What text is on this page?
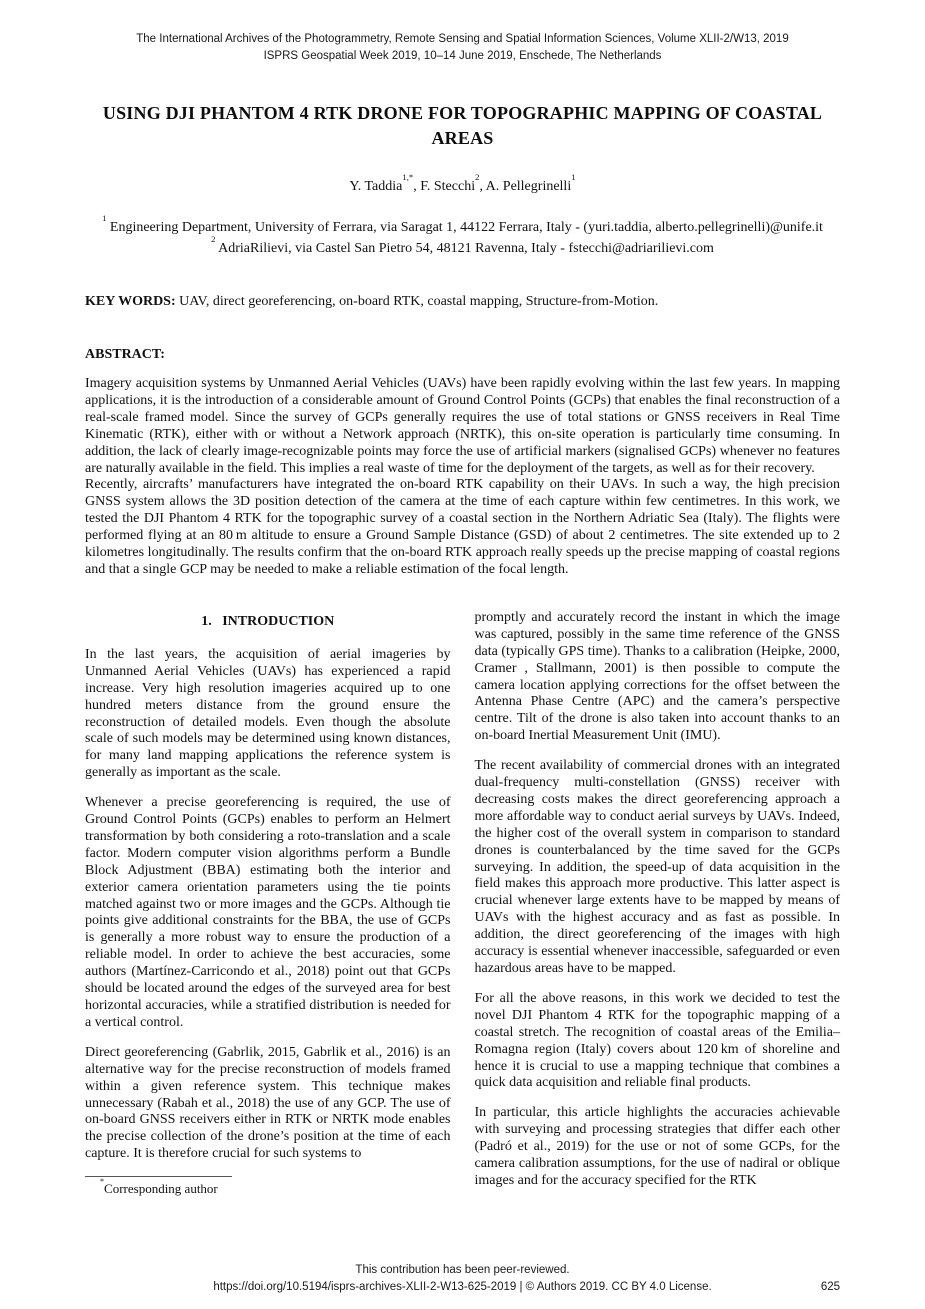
The International Archives of the Photogrammetry, Remote Sensing and Spatial Information Sciences, Volume XLII-2/W13, 2019
ISPRS Geospatial Week 2019, 10–14 June 2019, Enschede, The Netherlands
USING DJI PHANTOM 4 RTK DRONE FOR TOPOGRAPHIC MAPPING OF COASTAL
AREAS
Y. Taddia$^{1,*}$, F. Stecchi$^2$, A. Pellegrinelli$^1$
$^1$ Engineering Department, University of Ferrara, via Saragat 1, 44122 Ferrara, Italy - (yuri.taddia, alberto.pellegrinelli)@unife.it
$^2$ AdriaRilievi, via Castel San Pietro 54, 48121 Ravenna, Italy - fstecchi@adriarilievi.com
KEY WORDS: UAV, direct georeferencing, on-board RTK, coastal mapping, Structure-from-Motion.
ABSTRACT:

Imagery acquisition systems by Unmanned Aerial Vehicles (UAVs) have been rapidly evolving within the last few years. In mapping applications, it is the introduction of a considerable amount of Ground Control Points (GCPs) that enables the final reconstruction of a real-scale framed model. Since the survey of GCPs generally requires the use of total stations or GNSS receivers in Real Time Kinematic (RTK), either with or without a Network approach (NRTK), this on-site operation is particularly time consuming. In addition, the lack of clearly image-recognizable points may force the use of artificial markers (signalised GCPs) whenever no features are naturally available in the field. This implies a real waste of time for the deployment of the targets, as well as for their recovery.

Recently, aircrafts’ manufacturers have integrated the on-board RTK capability on their UAVs. In such a way, the high precision GNSS system allows the 3D position detection of the camera at the time of each capture within few centimetres. In this work, we tested the DJI Phantom 4 RTK for the topographic survey of a coastal section in the Northern Adriatic Sea (Italy). The flights were performed flying at an 80 m altitude to ensure a Ground Sample Distance (GSD) of about 2 centimetres. The site extended up to 2 kilometres longitudinally. The results confirm that the on-board RTK approach really speeds up the precise mapping of coastal regions and that a single GCP may be needed to make a reliable estimation of the focal length.

1.   INTRODUCTION

In the last years, the acquisition of aerial imageries by Unmanned Aerial Vehicles (UAVs) has experienced a rapid increase. Very high resolution imageries acquired up to one hundred meters distance from the ground ensure the reconstruction of detailed models. Even though the absolute scale of such models may be determined using known distances, for many land mapping applications the reference system is generally as important as the scale.

Whenever a precise georeferencing is required, the use of Ground Control Points (GCPs) enables to perform an Helmert transformation by both considering a roto-translation and a scale factor. Modern computer vision algorithms perform a Bundle Block Adjustment (BBA) estimating both the interior and exterior camera orientation parameters using the tie points matched against two or more images and the GCPs. Although tie points give additional constraints for the BBA, the use of GCPs is generally a more robust way to ensure the production of a reliable model. In order to achieve the best accuracies, some authors (Martínez-Carricondo et al., 2018) point out that GCPs should be located around the edges of the surveyed area for best horizontal accuracies, while a stratified distribution is needed for a vertical control.

Direct georeferencing (Gabrlik, 2015, Gabrlik et al., 2016) is an alternative way for the precise reconstruction of models framed within a given reference system. This technique makes unnecessary (Rabah et al., 2018) the use of any GCP. The use of on-board GNSS receivers either in RTK or NRTK mode enables the precise collection of the drone’s position at the time of each capture. It is therefore crucial for such systems to

*Corresponding author

promptly and accurately record the instant in which the image was captured, possibly in the same time reference of the GNSS data (typically GPS time). Thanks to a calibration (Heipke, 2000, Cramer , Stallmann, 2001) is then possible to compute the camera location applying corrections for the offset between the Antenna Phase Centre (APC) and the camera’s perspective centre. Tilt of the drone is also taken into account thanks to an on-board Inertial Measurement Unit (IMU).

The recent availability of commercial drones with an integrated dual-frequency multi-constellation (GNSS) receiver with decreasing costs makes the direct georeferencing approach a more affordable way to conduct aerial surveys by UAVs. Indeed, the higher cost of the overall system in comparison to standard drones is counterbalanced by the time saved for the GCPs surveying. In addition, the speed-up of data acquisition in the field makes this approach more productive. This latter aspect is crucial whenever large extents have to be mapped by means of UAVs with the highest accuracy and as fast as possible. In addition, the direct georeferencing of the images with high accuracy is essential whenever inaccessible, safeguarded or even hazardous areas have to be mapped.

For all the above reasons, in this work we decided to test the novel DJI Phantom 4 RTK for the topographic mapping of a coastal stretch. The recognition of coastal areas of the Emilia–Romagna region (Italy) covers about 120 km of shoreline and hence it is crucial to use a mapping technique that combines a quick data acquisition and reliable final products.

In particular, this article highlights the accuracies achievable with surveying and processing strategies that differ each other (Padró et al., 2019) for the use or not of some GCPs, for the camera calibration assumptions, for the use of nadiral or oblique images and for the accuracy specified for the RTK

This contribution has been peer-reviewed.
https://doi.org/10.5194/isprs-archives-XLII-2-W13-625-2019 | © Authors 2019. CC BY 4.0 License.	625
